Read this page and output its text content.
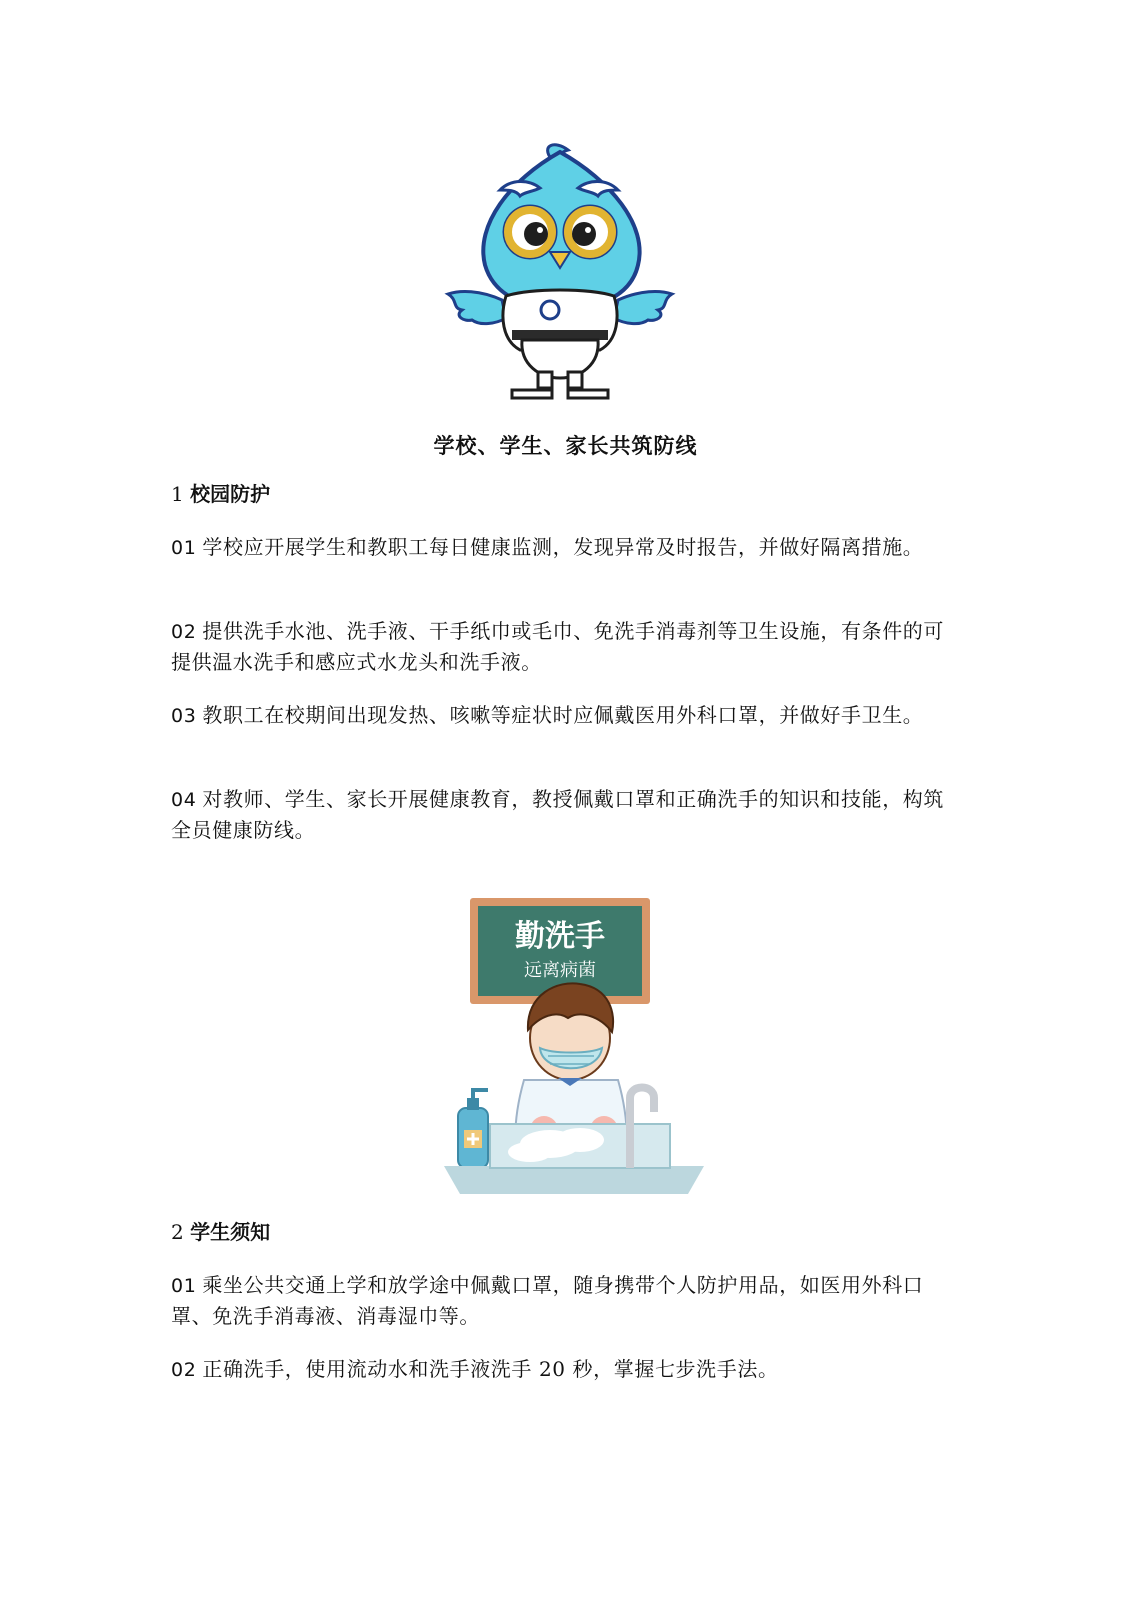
学校、学生、家长共筑防线
1 校园防护
01 学校应开展学生和教职工每日健康监测，发现异常及时报告，并做好隔离措施。
02 提供洗手水池、洗手液、干手纸巾或毛巾、免洗手消毒剂等卫生设施，有条件的可提供温水洗手和感应式水龙头和洗手液。
03 教职工在校期间出现发热、咳嗽等症状时应佩戴医用外科口罩，并做好手卫生。
04 对教师、学生、家长开展健康教育，教授佩戴口罩和正确洗手的知识和技能，构筑全员健康防线。
勤洗手
远离病菌
2 学生须知
01 乘坐公共交通上学和放学途中佩戴口罩，随身携带个人防护用品，如医用外科口罩、免洗手消毒液、消毒湿巾等。
02 正确洗手，使用流动水和洗手液洗手 20 秒，掌握七步洗手法。
